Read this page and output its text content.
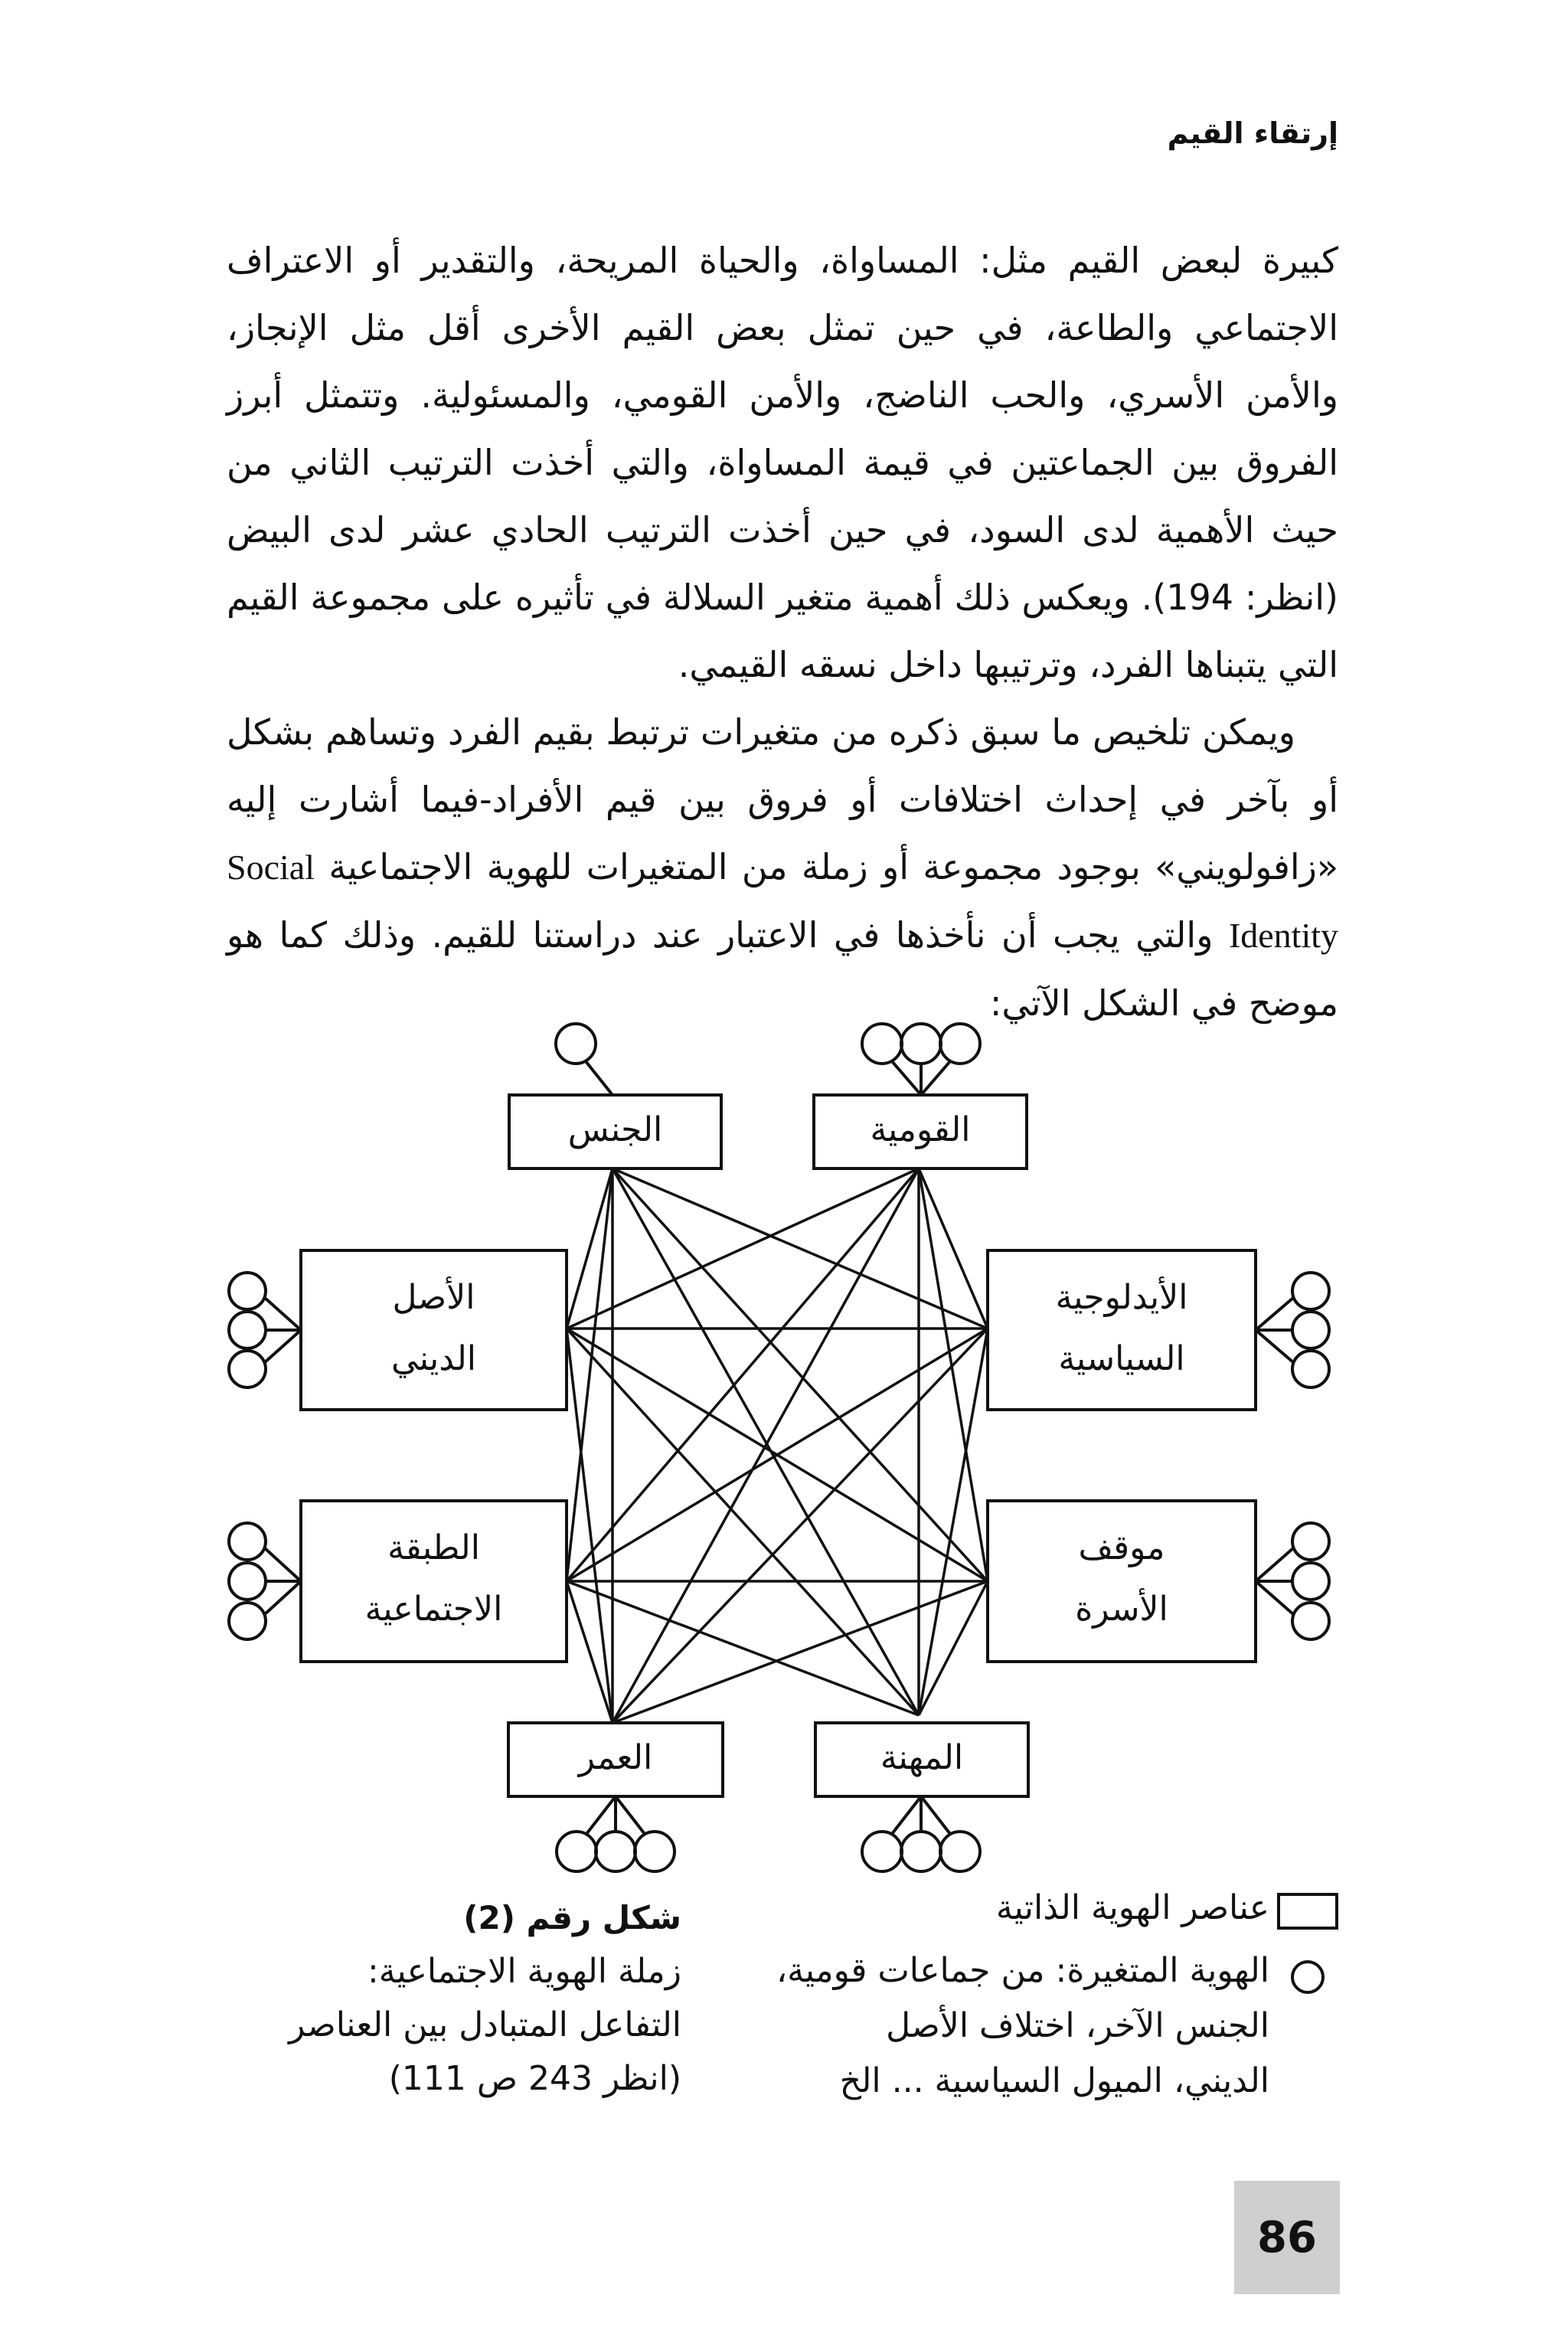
إرتقاء القيم

كبيرة لبعض القيم مثل: المساواة، والحياة المريحة، والتقدير أو الاعتراف الاجتماعي والطاعة، في حين تمثل بعض القيم الأخرى أقل مثل الإنجاز، والأمن الأسري، والحب الناضج، والأمن القومي، والمسئولية. وتتمثل أبرز الفروق بين الجماعتين في قيمة المساواة، والتي أخذت الترتيب الثاني من حيث الأهمية لدى السود، في حين أخذت الترتيب الحادي عشر لدى البيض (انظر: 194). ويعكس ذلك أهمية متغير السلالة في تأثيره على مجموعة القيم التي يتبناها الفرد، وترتيبها داخل نسقه القيمي.

ويمكن تلخيص ما سبق ذكره من متغيرات ترتبط بقيم الفرد وتساهم بشكل أو بآخر في إحداث اختلافات أو فروق بين قيم الأفراد-فيما أشارت إليه «زافولويني» بوجود مجموعة أو زملة من المتغيرات للهوية الاجتماعية Social Identity والتي يجب أن نأخذها في الاعتبار عند دراستنا للقيم. وذلك كما هو موضح في الشكل الآتي:

الجنس	القومية
الأصل
الديني
الأيدلوجية
السياسية
الطبقة
الاجتماعية
موقف
الأسرة
العمر	المهنة
شكل رقم (2)
زملة الهوية الاجتماعية:
التفاعل المتبادل بين العناصر
(انظر 243 ص 111)
عناصر الهوية الذاتية
الهوية المتغيرة: من جماعات قومية،
الجنس الآخر، اختلاف الأصل
الديني، الميول السياسية ... الخ
86
